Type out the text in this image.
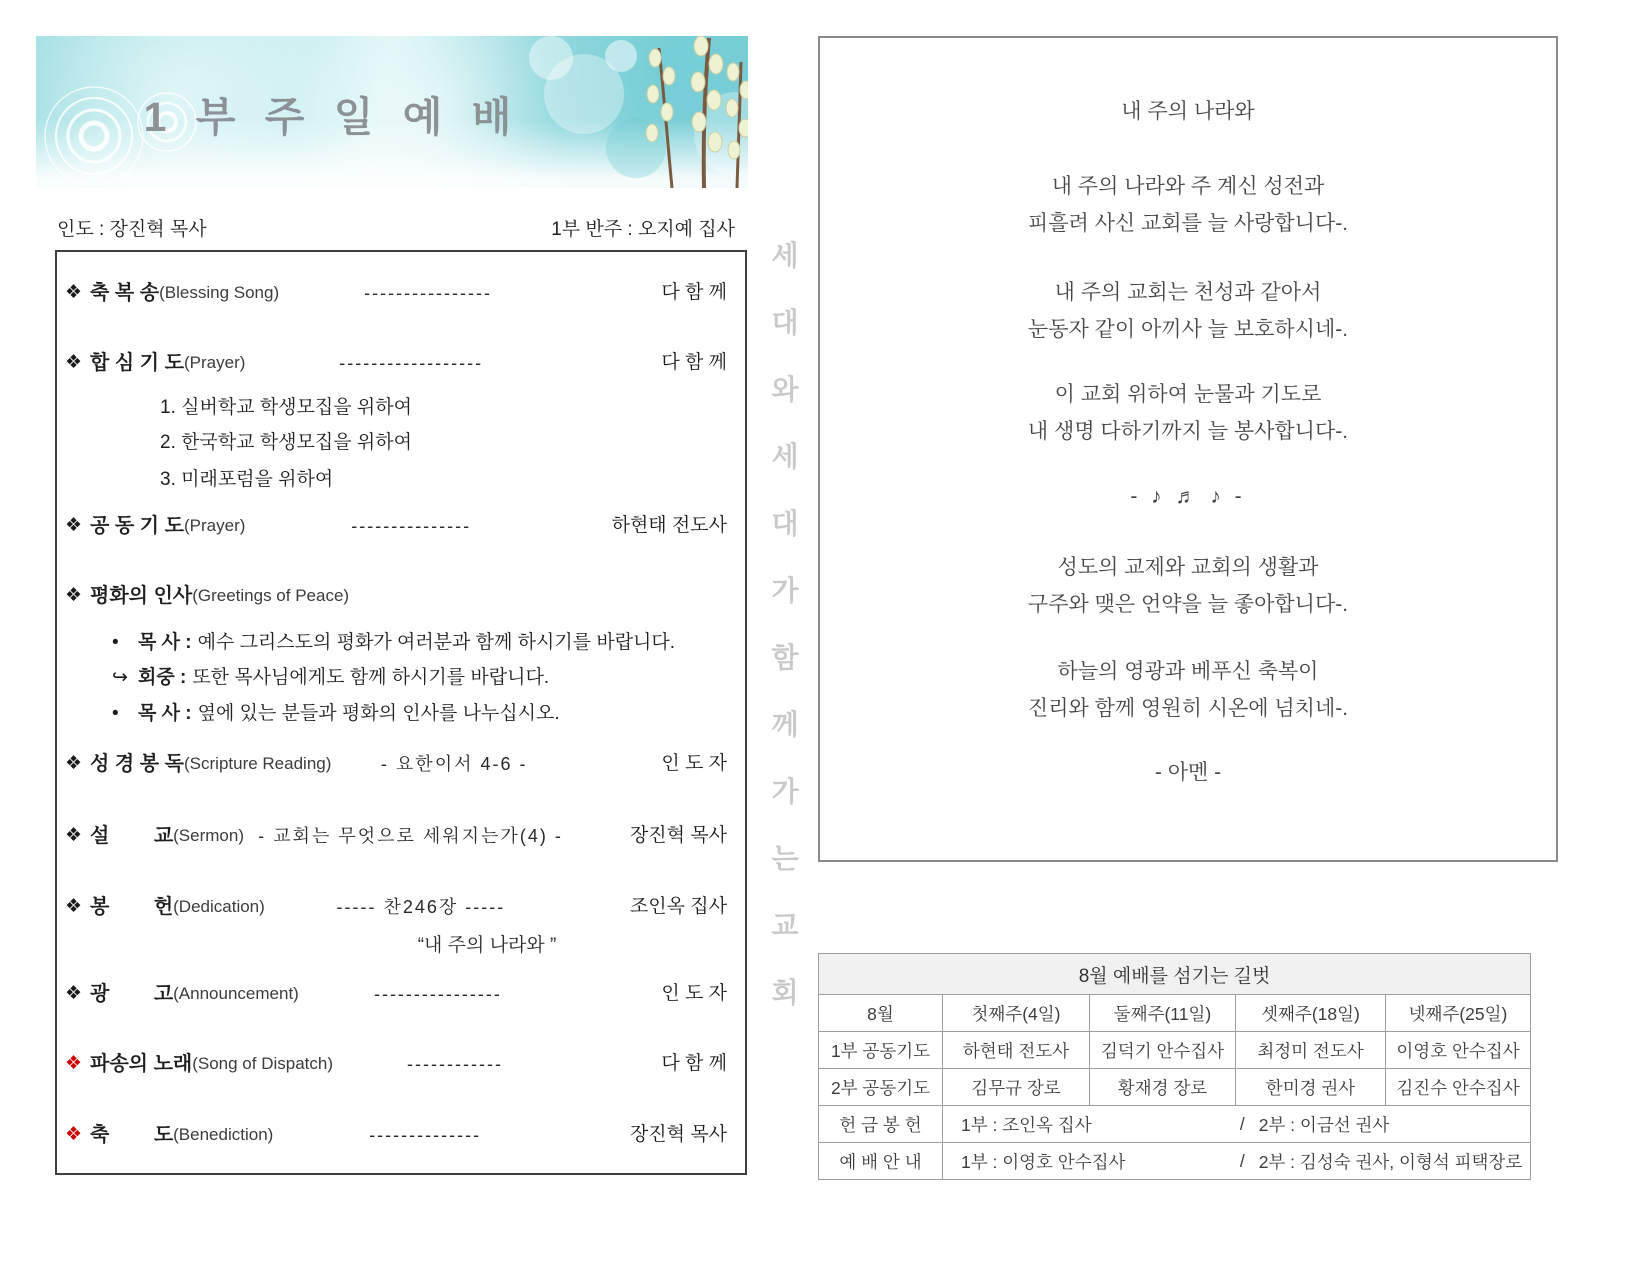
1 부 주 일 예 배
인도 : 장진혁 목사	1부 반주 : 오지예 집사
❖ 축 복 송 (Blessing Song)	----------------	다 함 께
❖ 합 심 기 도 (Prayer)	------------------	다 함 께
1. 실버학교 학생모집을 위하여
2. 한국학교 학생모집을 위하여
3. 미래포럼을 위하여
❖ 공 동 기 도 (Prayer)	---------------	하현태 전도사
❖ 평화의 인사 (Greetings of Peace)
• 목 사 : 예수 그리스도의 평화가 여러분과 함께 하시기를 바랍니다.
↪ 회중 : 또한 목사님에게도 함께 하시기를 바랍니다.
• 목 사 : 옆에 있는 분들과 평화의 인사를 나누십시오.
❖ 성 경 봉 독 (Scripture Reading)	- 요한이서 4-6 -	인 도 자
❖ 설        교 (Sermon) - 교회는 무엇으로 세워지는가(4) -	장진혁 목사
❖ 봉        헌 (Dedication)	----- 찬246장 -----	조인옥 집사
“내 주의 나라와 ”
❖ 광        고 (Announcement)	----------------	인 도 자
❖ 파송의 노래 (Song of Dispatch)	------------	다 함 께
❖ 축        도 (Benediction)	--------------	장진혁 목사
세
대
와
세
대
가
함
께
가
는
교
회
내 주의 나라와
내 주의 나라와 주 계신 성전과
피흘려 사신 교회를 늘 사랑합니다-.
내 주의 교회는 천성과 같아서
눈동자 같이 아끼사 늘 보호하시네-.
이 교회 위하여 눈물과 기도로
내 생명 다하기까지 늘 봉사합니다-.
- ♪ ♬ ♪ -
성도의 교제와 교회의 생활과
구주와 맺은 언약을 늘 좋아합니다-.
하늘의 영광과 베푸신 축복이
진리와 함께 영원히 시온에 넘치네-.
- 아멘 -
8월 예배를 섬기는 길벗				
8월	첫째주(4일)	둘째주(11일)	셋째주(18일)	넷째주(25일)
1부 공동기도	하현태 전도사	김덕기 안수집사	최정미 전도사	이영호 안수집사
2부 공동기도	김무규 장로	황재경 장로	한미경 권사	김진수 안수집사
헌 금 봉 헌	1부 : 조인옥 집사 / 2부 : 이금선 권사			

예 배 안 내	1부 : 이영호 안수집사 / 2부 : 김성숙 권사, 이형석 피택장로			
